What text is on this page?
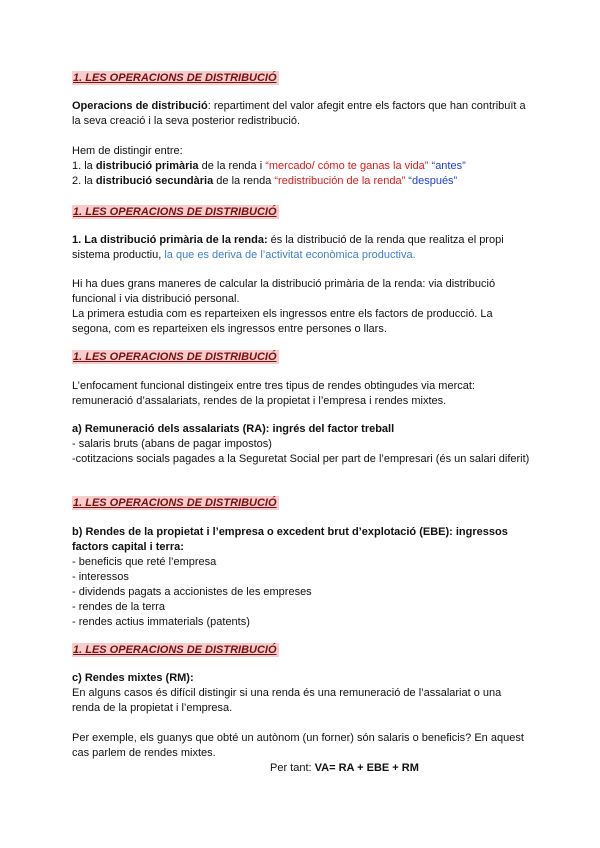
1. LES OPERACIONS DE DISTRIBUCIÓ

Operacions de distribució: repartiment del valor afegit entre els factors que han contribuït a la seva creació i la seva posterior redistribució.

Hem de distingir entre:

1. la distribució primària de la renda i “mercado/ cómo te ganas la vida” “antes”

2. la distribució secundària de la renda “redistribución de la renda” “después”

1. LES OPERACIONS DE DISTRIBUCIÓ

1. La distribució primària de la renda: és la distribució de la renda que realitza el propi sistema productiu, la que es deriva de l’activitat econòmica productiva.

Hi ha dues grans maneres de calcular la distribució primària de la renda: via distribució funcional i via distribució personal.

La primera estudia com es reparteixen els ingressos entre els factors de producció. La segona, com es reparteixen els ingressos entre persones o llars.

1. LES OPERACIONS DE DISTRIBUCIÓ

L’enfocament funcional distingeix entre tres tipus de rendes obtingudes via mercat: remuneració d’assalariats, rendes de la propietat i l’empresa i rendes mixtes.

a) Remuneració dels assalariats (RA): ingrés del factor treball

- salaris bruts (abans de pagar impostos)

-cotitzacions socials pagades a la Seguretat Social per part de l’empresari (és un salari diferit)

1. LES OPERACIONS DE DISTRIBUCIÓ

b) Rendes de la propietat i l’empresa o excedent brut d’explotació (EBE): ingressos factors capital i terra:

- beneficis que reté l’empresa

- interessos

- dividends pagats a accionistes de les empreses

- rendes de la terra

- rendes actius immaterials (patents)

1. LES OPERACIONS DE DISTRIBUCIÓ

c) Rendes mixtes (RM):

En alguns casos és difícil distingir si una renda és una remuneració de l’assalariat o una renda de la propietat i l’empresa.

Per exemple, els guanys que obté un autònom (un forner) són salaris o beneficis? En aquest cas parlem de rendes mixtes.

Per tant: VA= RA + EBE + RM
